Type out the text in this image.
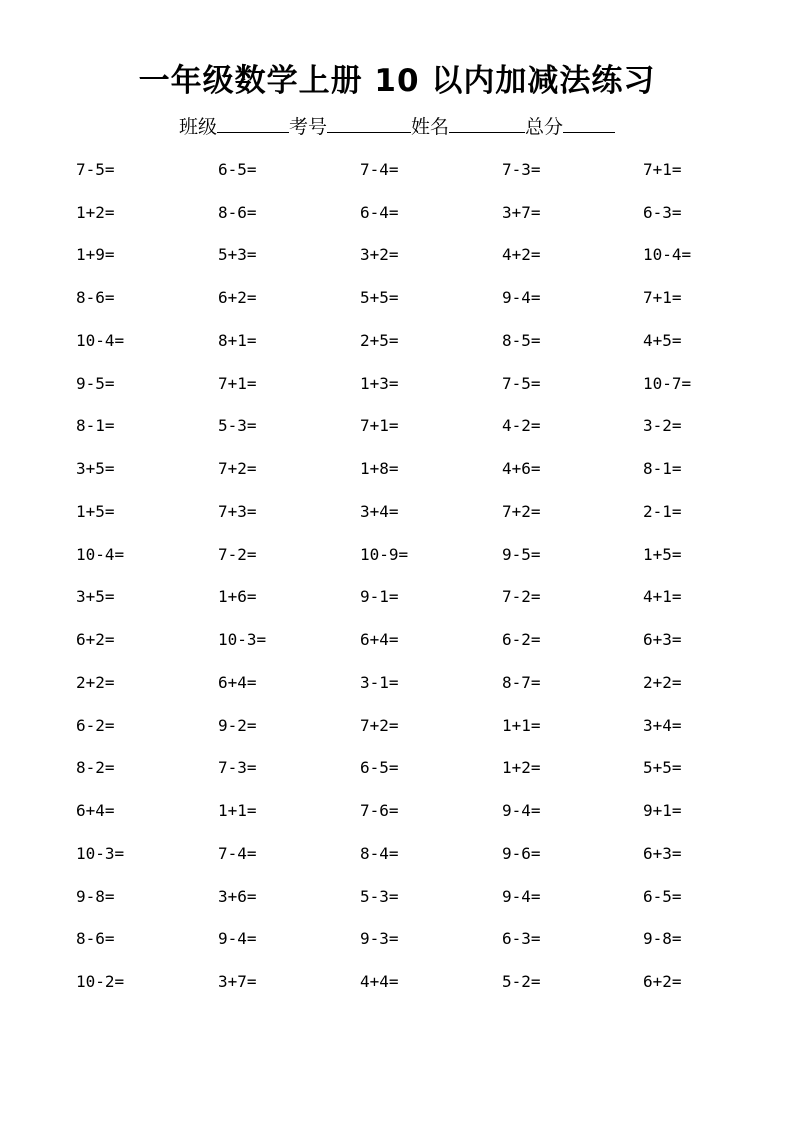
一年级数学上册 10 以内加减法练习
班级	考号	姓名	总分
7-5=	6-5=	7-4=	7-3=	7+1=
1+2=	8-6=	6-4=	3+7=	6-3=
1+9=	5+3=	3+2=	4+2=	10-4=
8-6=	6+2=	5+5=	9-4=	7+1=
10-4=	8+1=	2+5=	8-5=	4+5=
9-5=	7+1=	1+3=	7-5=	10-7=
8-1=	5-3=	7+1=	4-2=	3-2=
3+5=	7+2=	1+8=	4+6=	8-1=
1+5=	7+3=	3+4=	7+2=	2-1=
10-4=	7-2=	10-9=	9-5=	1+5=
3+5=	1+6=	9-1=	7-2=	4+1=
6+2=	10-3=	6+4=	6-2=	6+3=
2+2=	6+4=	3-1=	8-7=	2+2=
6-2=	9-2=	7+2=	1+1=	3+4=
8-2=	7-3=	6-5=	1+2=	5+5=
6+4=	1+1=	7-6=	9-4=	9+1=
10-3=	7-4=	8-4=	9-6=	6+3=
9-8=	3+6=	5-3=	9-4=	6-5=
8-6=	9-4=	9-3=	6-3=	9-8=
10-2=	3+7=	4+4=	5-2=	6+2=
